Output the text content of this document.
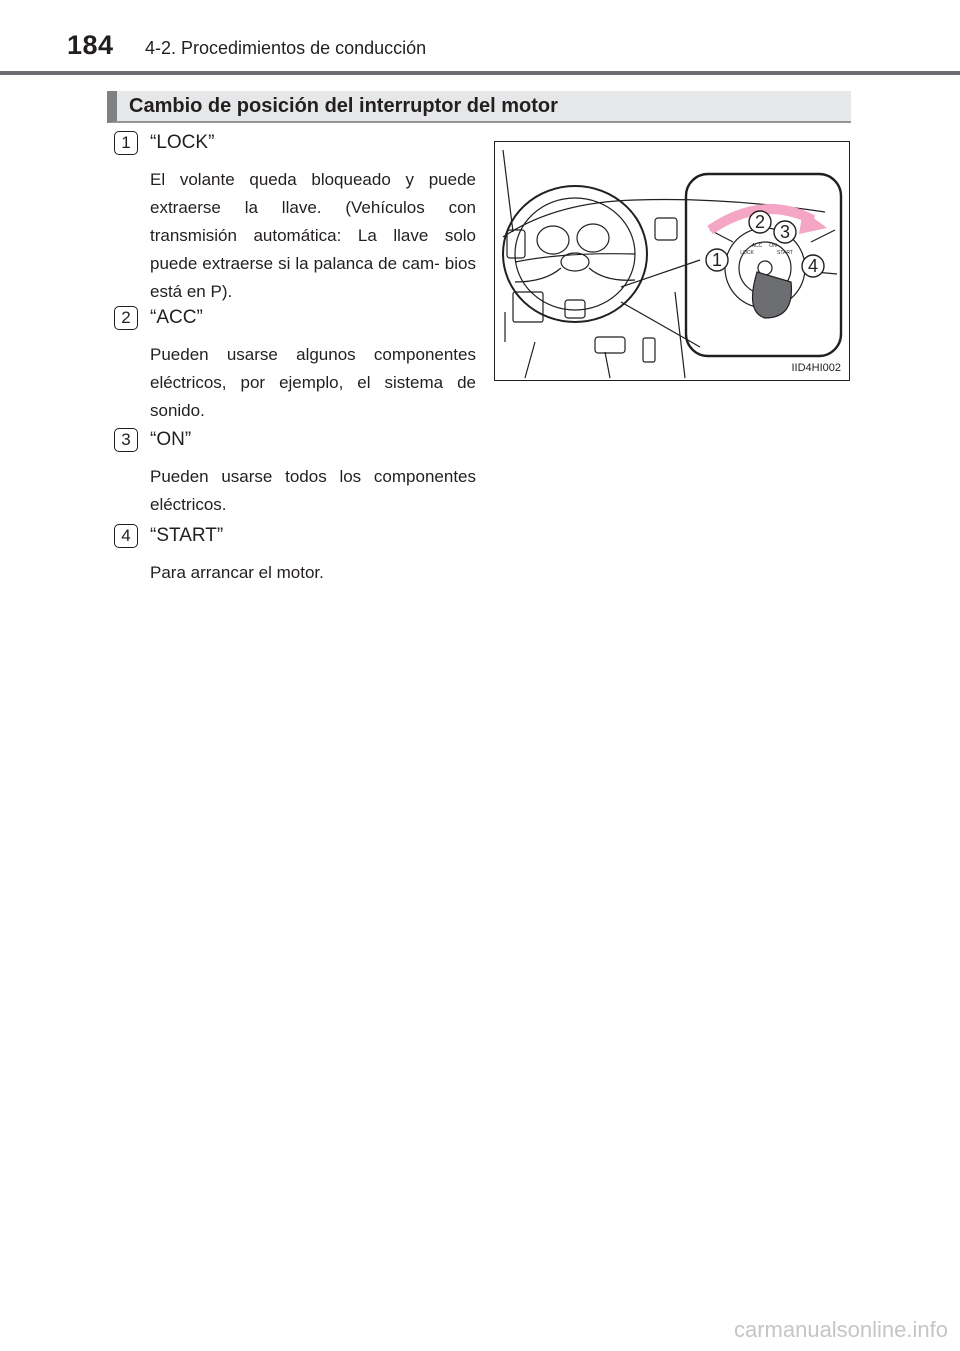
184 4-2. Procedimientos de conducción
Cambio de posición del interruptor del motor
1	“LOCK”
El volante queda bloqueado y puede extraerse la llave. (Vehículos con transmisión automática: La llave solo puede extraerse si la palanca de cam- bios está en P).
2	“ACC”
Pueden usarse algunos componentes eléctricos, por ejemplo, el sistema de sonido.
3	“ON”
Pueden usarse todos los componentes eléctricos.
4	“START”
Para arrancar el motor.
1
2 3
4
LOCK
ACC ON
START
IID4HI002
carmanualsonline.info
